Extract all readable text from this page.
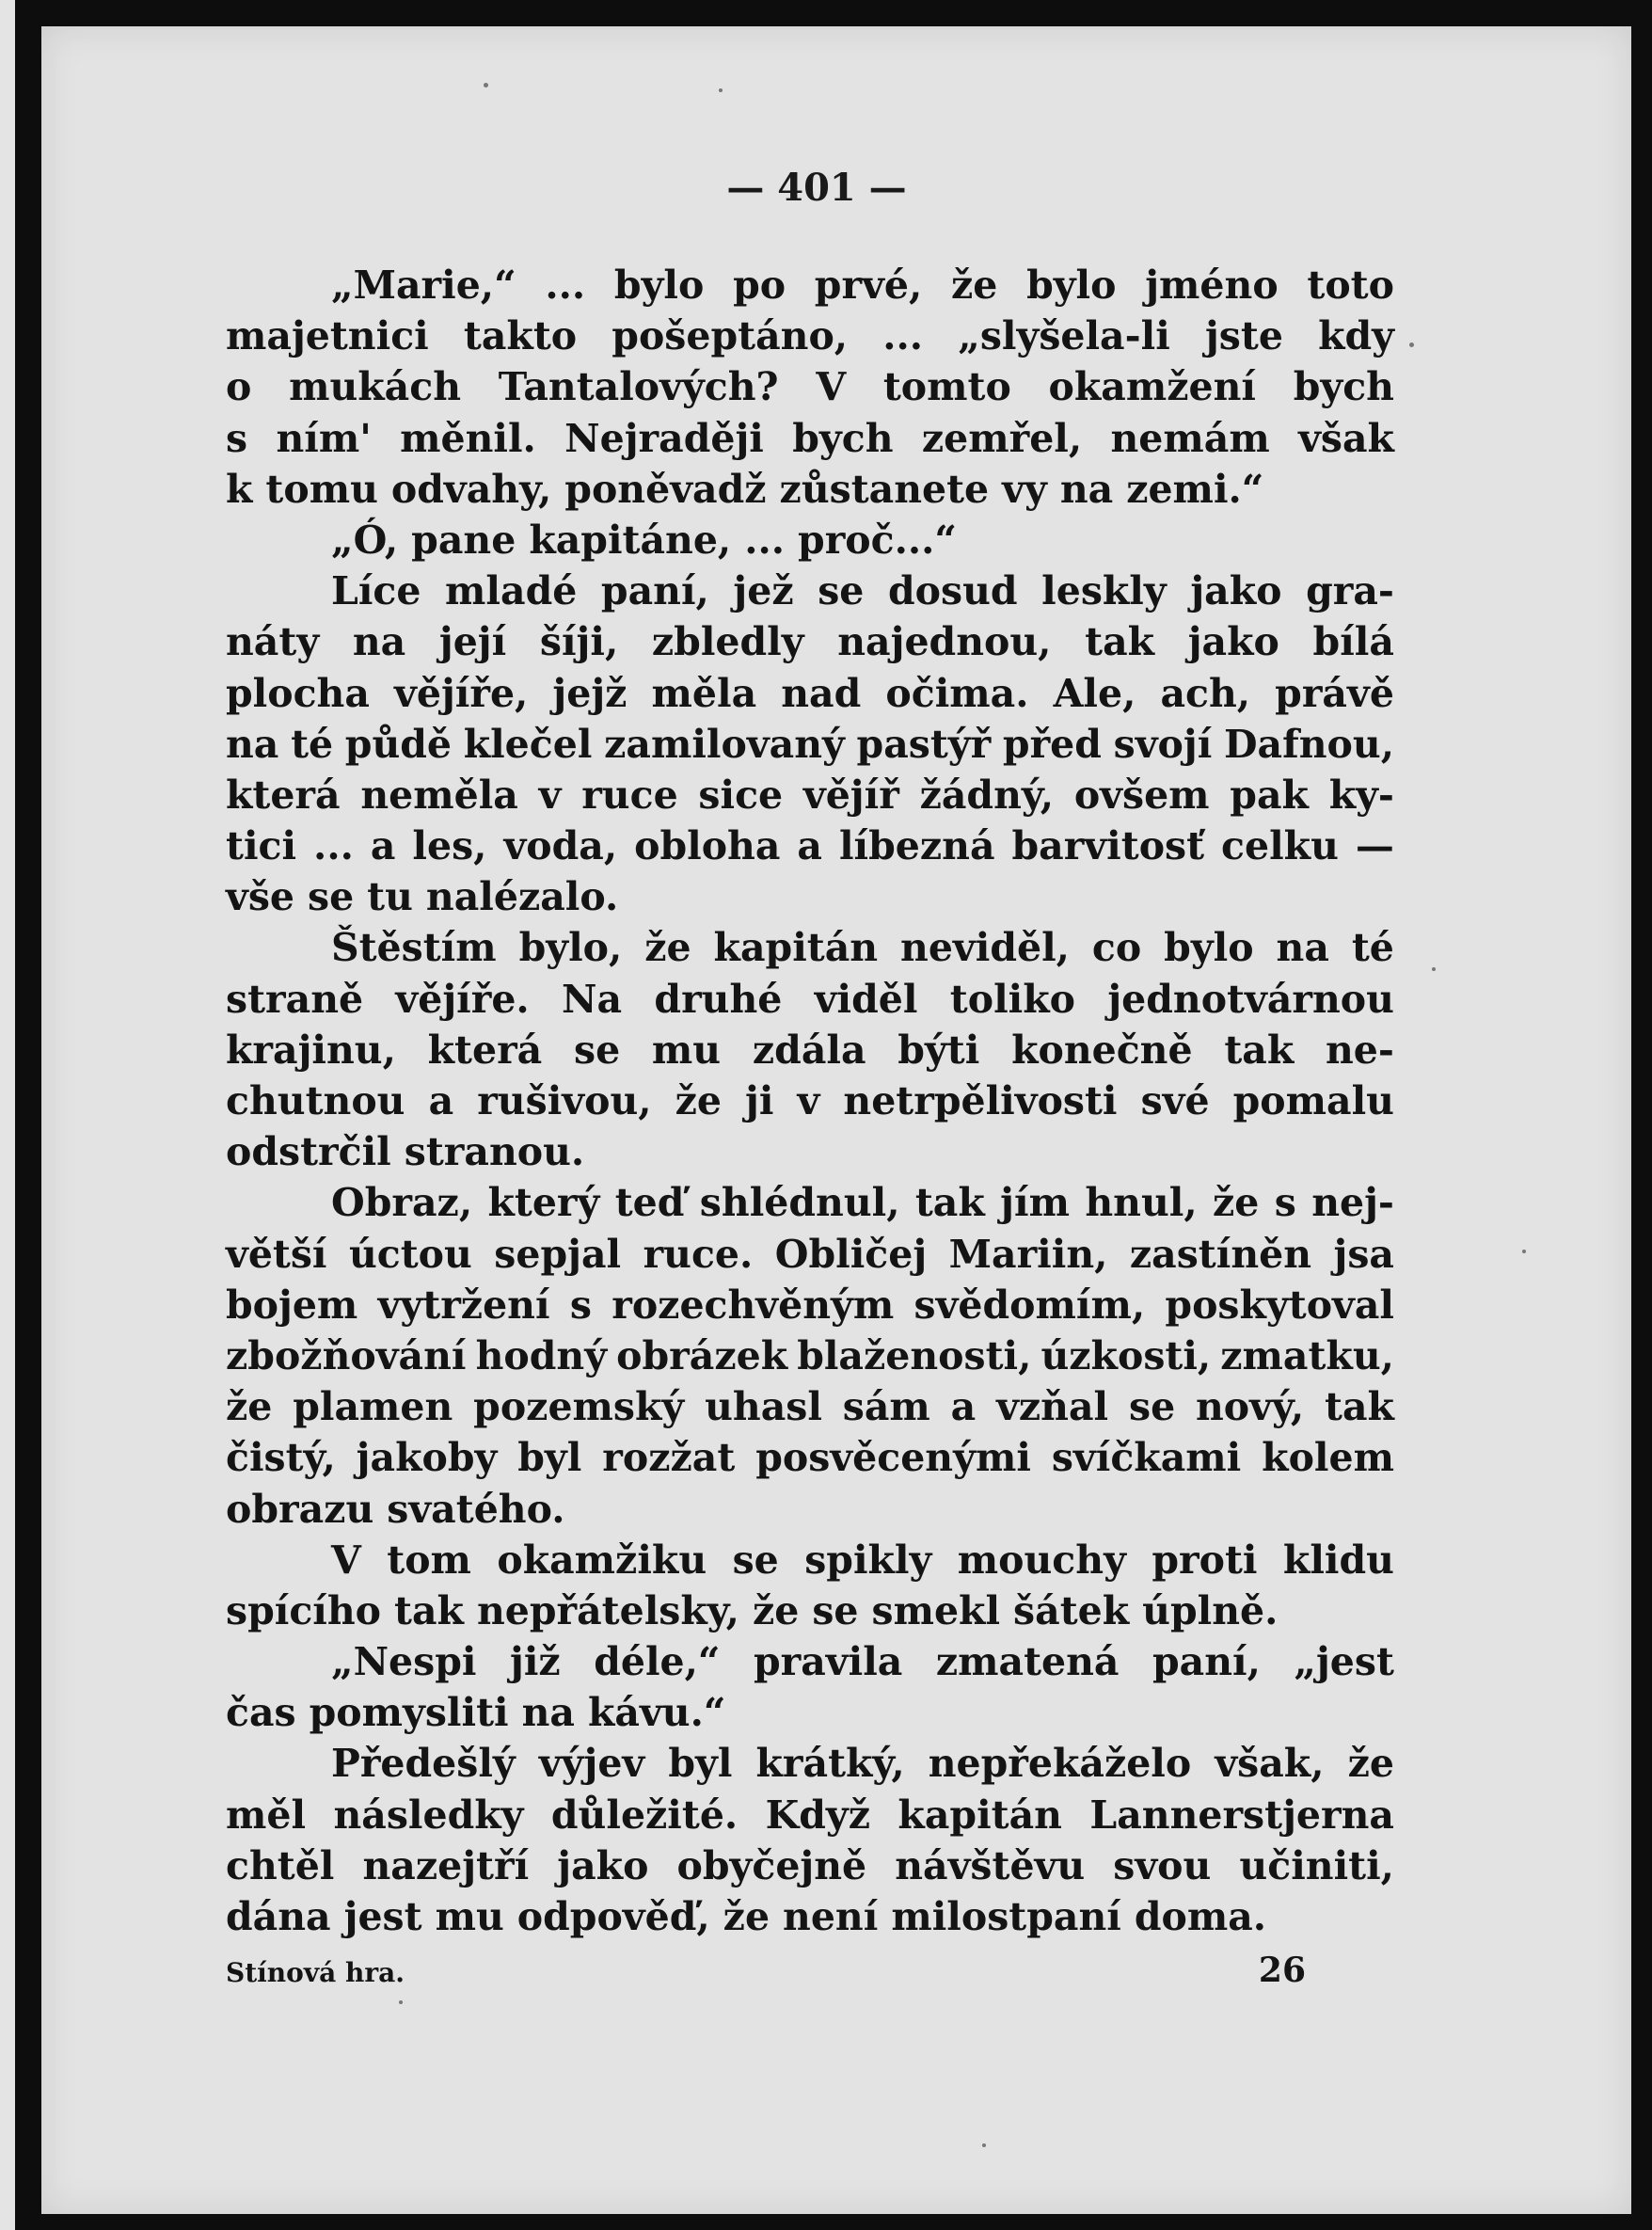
— 401 —
„Marie,“ ... bylo po prvé, že bylo jméno toto
majetnici takto pošeptáno, ... „slyšela-li jste kdy
o mukách Tantalových? V tomto okamžení bych
s ním' měnil. Nejraději bych zemřel, nemám však
k tomu odvahy, poněvadž zůstanete vy na zemi.“
„Ó, pane kapitáne, ... proč...“
Líce mladé paní, jež se dosud leskly jako gra-
náty na její šíji, zbledly najednou, tak jako bílá
plocha vějíře, jejž měla nad očima. Ale, ach, právě
na té půdě klečel zamilovaný pastýř před svojí Dafnou,
která neměla v ruce sice vějíř žádný, ovšem pak ky-
tici ... a les, voda, obloha a líbezná barvitosť celku —
vše se tu nalézalo.
Štěstím bylo, že kapitán neviděl, co bylo na té
straně vějíře. Na druhé viděl toliko jednotvárnou
krajinu, která se mu zdála býti konečně tak ne-
chutnou a rušivou, že ji v netrpělivosti své pomalu
odstrčil stranou.
Obraz, který teď shlédnul, tak jím hnul, že s nej-
větší úctou sepjal ruce. Obličej Mariin, zastíněn jsa
bojem vytržení s rozechvěným svědomím, poskytoval
zbožňování hodný obrázek blaženosti, úzkosti, zmatku,
že plamen pozemský uhasl sám a vzňal se nový, tak
čistý, jakoby byl rozžat posvěcenými svíčkami kolem
obrazu svatého.
V tom okamžiku se spikly mouchy proti klidu
spícího tak nepřátelsky, že se smekl šátek úplně.
„Nespi již déle,“ pravila zmatená paní, „jest
čas pomysliti na kávu.“
Předešlý výjev byl krátký, nepřekáželo však, že
měl následky důležité. Když kapitán Lannerstjerna
chtěl nazejtří jako obyčejně návštěvu svou učiniti,
dána jest mu odpověď, že není milostpaní doma.
Stínová hra.	26
